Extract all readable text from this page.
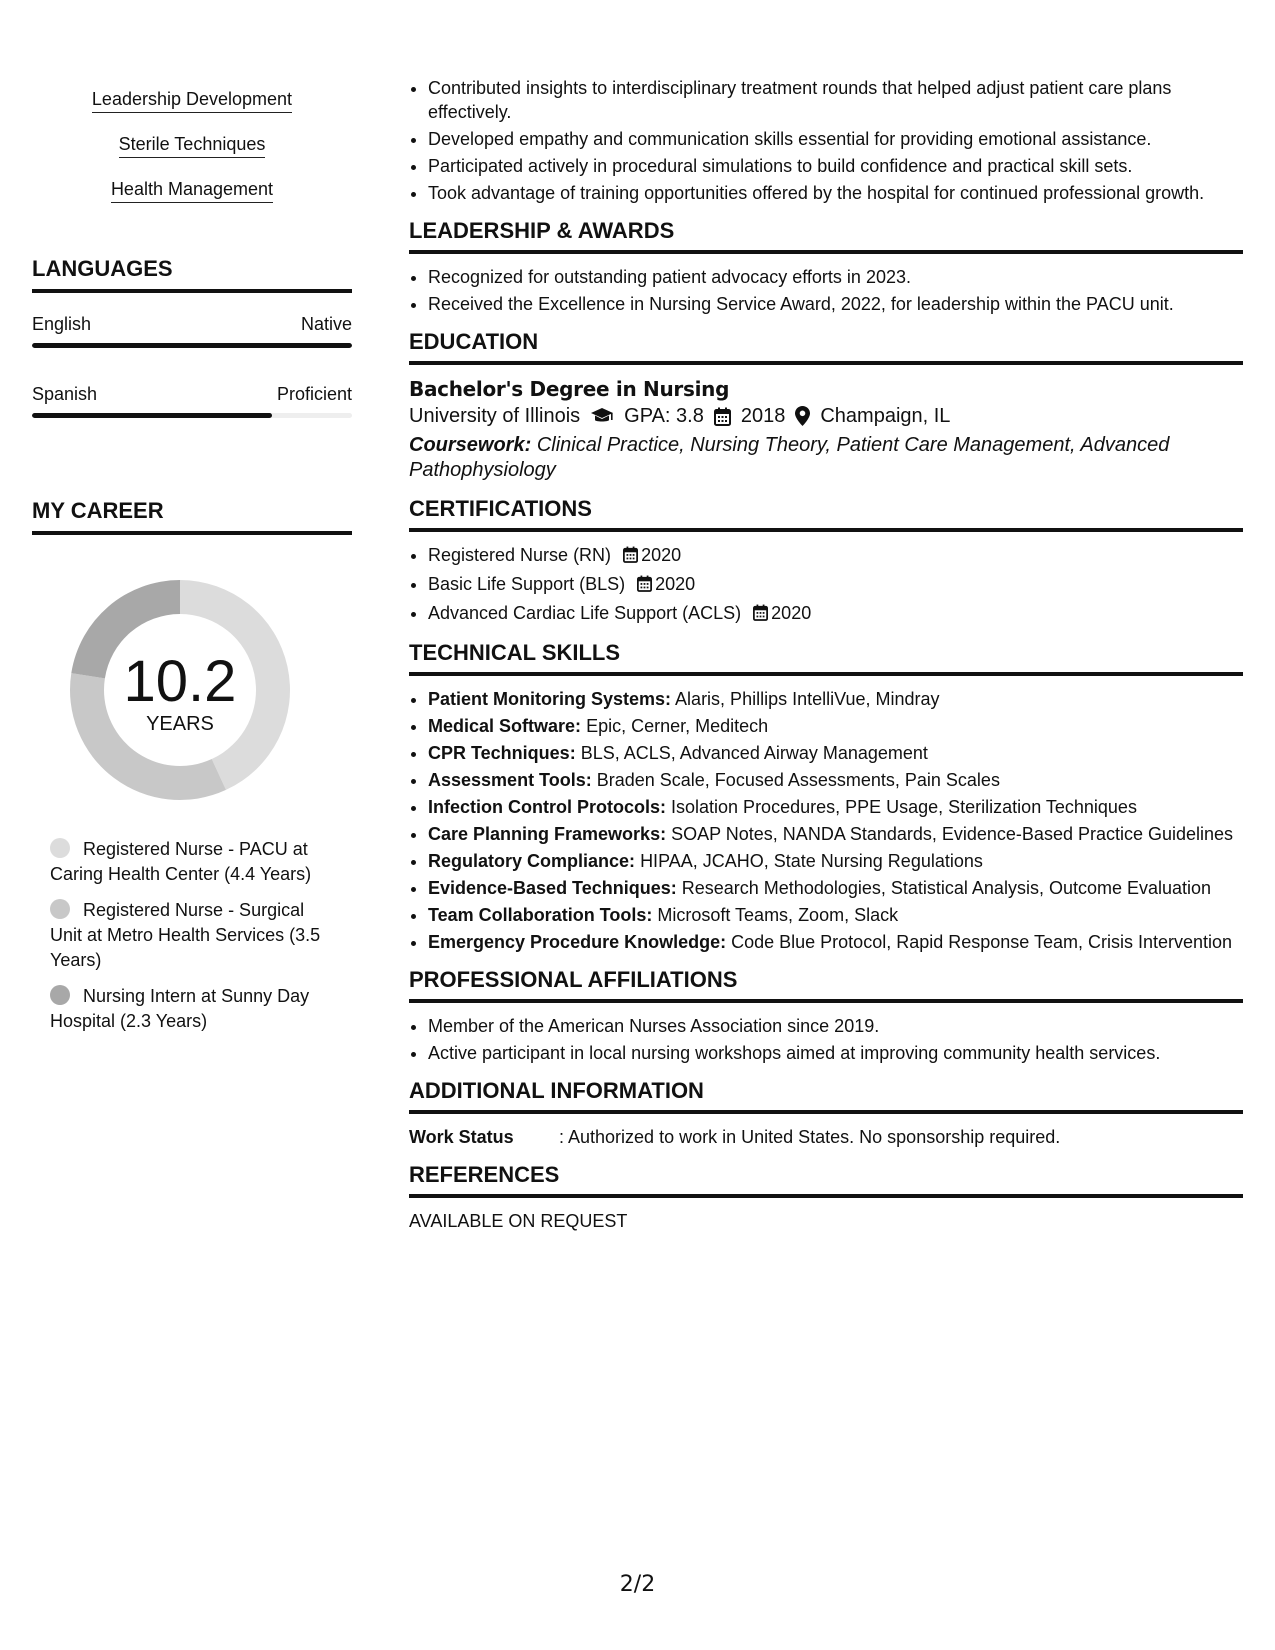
Leadership Development
Sterile Techniques
Health Management
LANGUAGES
English	Native
Spanish	Proficient
MY CAREER
10.2
YEARS
Registered Nurse - PACU at Caring Health Center (4.4 Years)
Registered Nurse - Surgical Unit at Metro Health Services (3.5 Years)
Nursing Intern at Sunny Day Hospital (2.3 Years)
• Contributed insights to interdisciplinary treatment rounds that helped adjust patient care plans effectively.
• Developed empathy and communication skills essential for providing emotional assistance.
• Participated actively in procedural simulations to build confidence and practical skill sets.
• Took advantage of training opportunities offered by the hospital for continued professional growth.
LEADERSHIP & AWARDS
• Recognized for outstanding patient advocacy efforts in 2023.
• Received the Excellence in Nursing Service Award, 2022, for leadership within the PACU unit.
EDUCATION
Bachelor's Degree in Nursing
University of Illinois GPA: 3.8 2018 Champaign, IL
Coursework: Clinical Practice, Nursing Theory, Patient Care Management, Advanced Pathophysiology
CERTIFICATIONS
• Registered Nurse (RN) 2020
• Basic Life Support (BLS) 2020
• Advanced Cardiac Life Support (ACLS) 2020
TECHNICAL SKILLS
• Patient Monitoring Systems: Alaris, Phillips IntelliVue, Mindray
• Medical Software: Epic, Cerner, Meditech
• CPR Techniques: BLS, ACLS, Advanced Airway Management
• Assessment Tools: Braden Scale, Focused Assessments, Pain Scales
• Infection Control Protocols: Isolation Procedures, PPE Usage, Sterilization Techniques
• Care Planning Frameworks: SOAP Notes, NANDA Standards, Evidence-Based Practice Guidelines
• Regulatory Compliance: HIPAA, JCAHO, State Nursing Regulations
• Evidence-Based Techniques: Research Methodologies, Statistical Analysis, Outcome Evaluation
• Team Collaboration Tools: Microsoft Teams, Zoom, Slack
• Emergency Procedure Knowledge: Code Blue Protocol, Rapid Response Team, Crisis Intervention
PROFESSIONAL AFFILIATIONS
• Member of the American Nurses Association since 2019.
• Active participant in local nursing workshops aimed at improving community health services.
ADDITIONAL INFORMATION
Work Status	: Authorized to work in United States. No sponsorship required.
REFERENCES
AVAILABLE ON REQUEST
2/2
